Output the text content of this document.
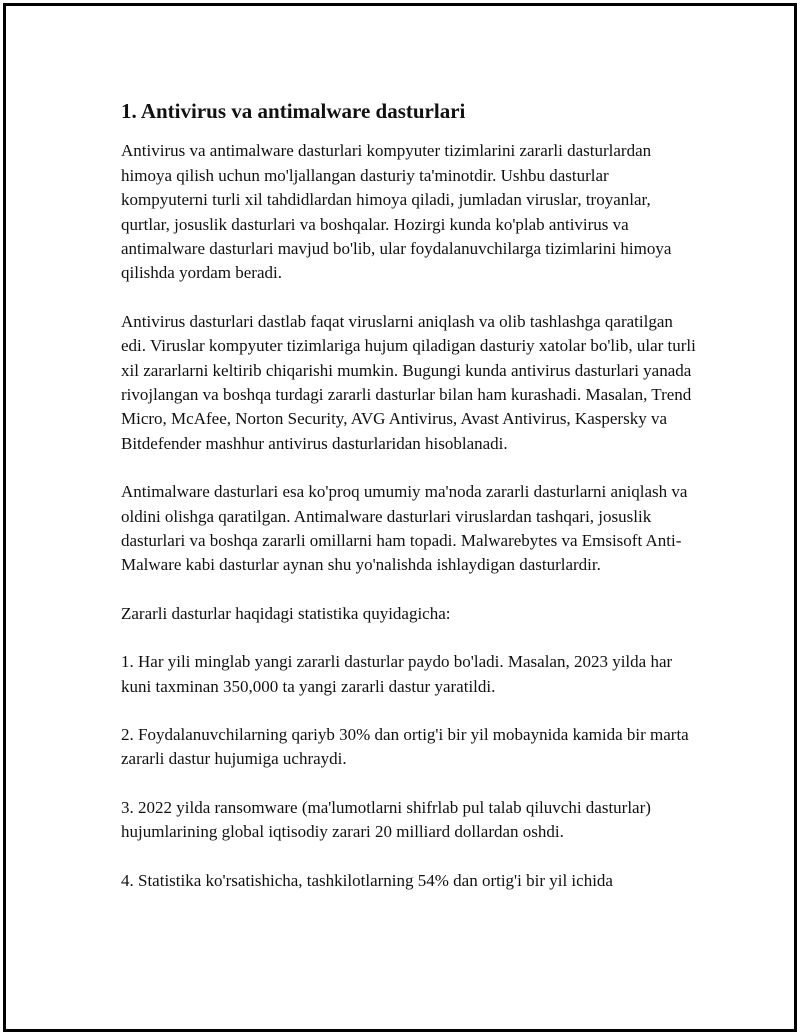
1. Antivirus va antimalware dasturlari

Antivirus va antimalware dasturlari kompyuter tizimlarini zararli dasturlardan himoya qilish uchun mo'ljallangan dasturiy ta'minotdir. Ushbu dasturlar kompyuterni turli xil tahdidlardan himoya qiladi, jumladan viruslar, troyanlar, qurtlar, josuslik dasturlari va boshqalar. Hozirgi kunda ko'plab antivirus va antimalware dasturlari mavjud bo'lib, ular foydalanuvchilarga tizimlarini himoya qilishda yordam beradi.

Antivirus dasturlari dastlab faqat viruslarni aniqlash va olib tashlashga qaratilgan edi. Viruslar kompyuter tizimlariga hujum qiladigan dasturiy xatolar bo'lib, ular turli xil zararlarni keltirib chiqarishi mumkin. Bugungi kunda antivirus dasturlari yanada rivojlangan va boshqa turdagi zararli dasturlar bilan ham kurashadi. Masalan, Trend Micro, McAfee, Norton Security, AVG Antivirus, Avast Antivirus, Kaspersky va Bitdefender mashhur antivirus dasturlaridan hisoblanadi.

Antimalware dasturlari esa ko'proq umumiy ma'noda zararli dasturlarni aniqlash va oldini olishga qaratilgan. Antimalware dasturlari viruslardan tashqari, josuslik dasturlari va boshqa zararli omillarni ham topadi. Malwarebytes va Emsisoft Anti-Malware kabi dasturlar aynan shu yo'nalishda ishlaydigan dasturlardir.

Zararli dasturlar haqidagi statistika quyidagicha:

1. Har yili minglab yangi zararli dasturlar paydo bo'ladi. Masalan, 2023 yilda har kuni taxminan 350,000 ta yangi zararli dastur yaratildi.

2. Foydalanuvchilarning qariyb 30% dan ortig'i bir yil mobaynida kamida bir marta zararli dastur hujumiga uchraydi.

3. 2022 yilda ransomware (ma'lumotlarni shifrlab pul talab qiluvchi dasturlar) hujumlarining global iqtisodiy zarari 20 milliard dollardan oshdi.

4. Statistika ko'rsatishicha, tashkilotlarning 54% dan ortig'i bir yil ichida
